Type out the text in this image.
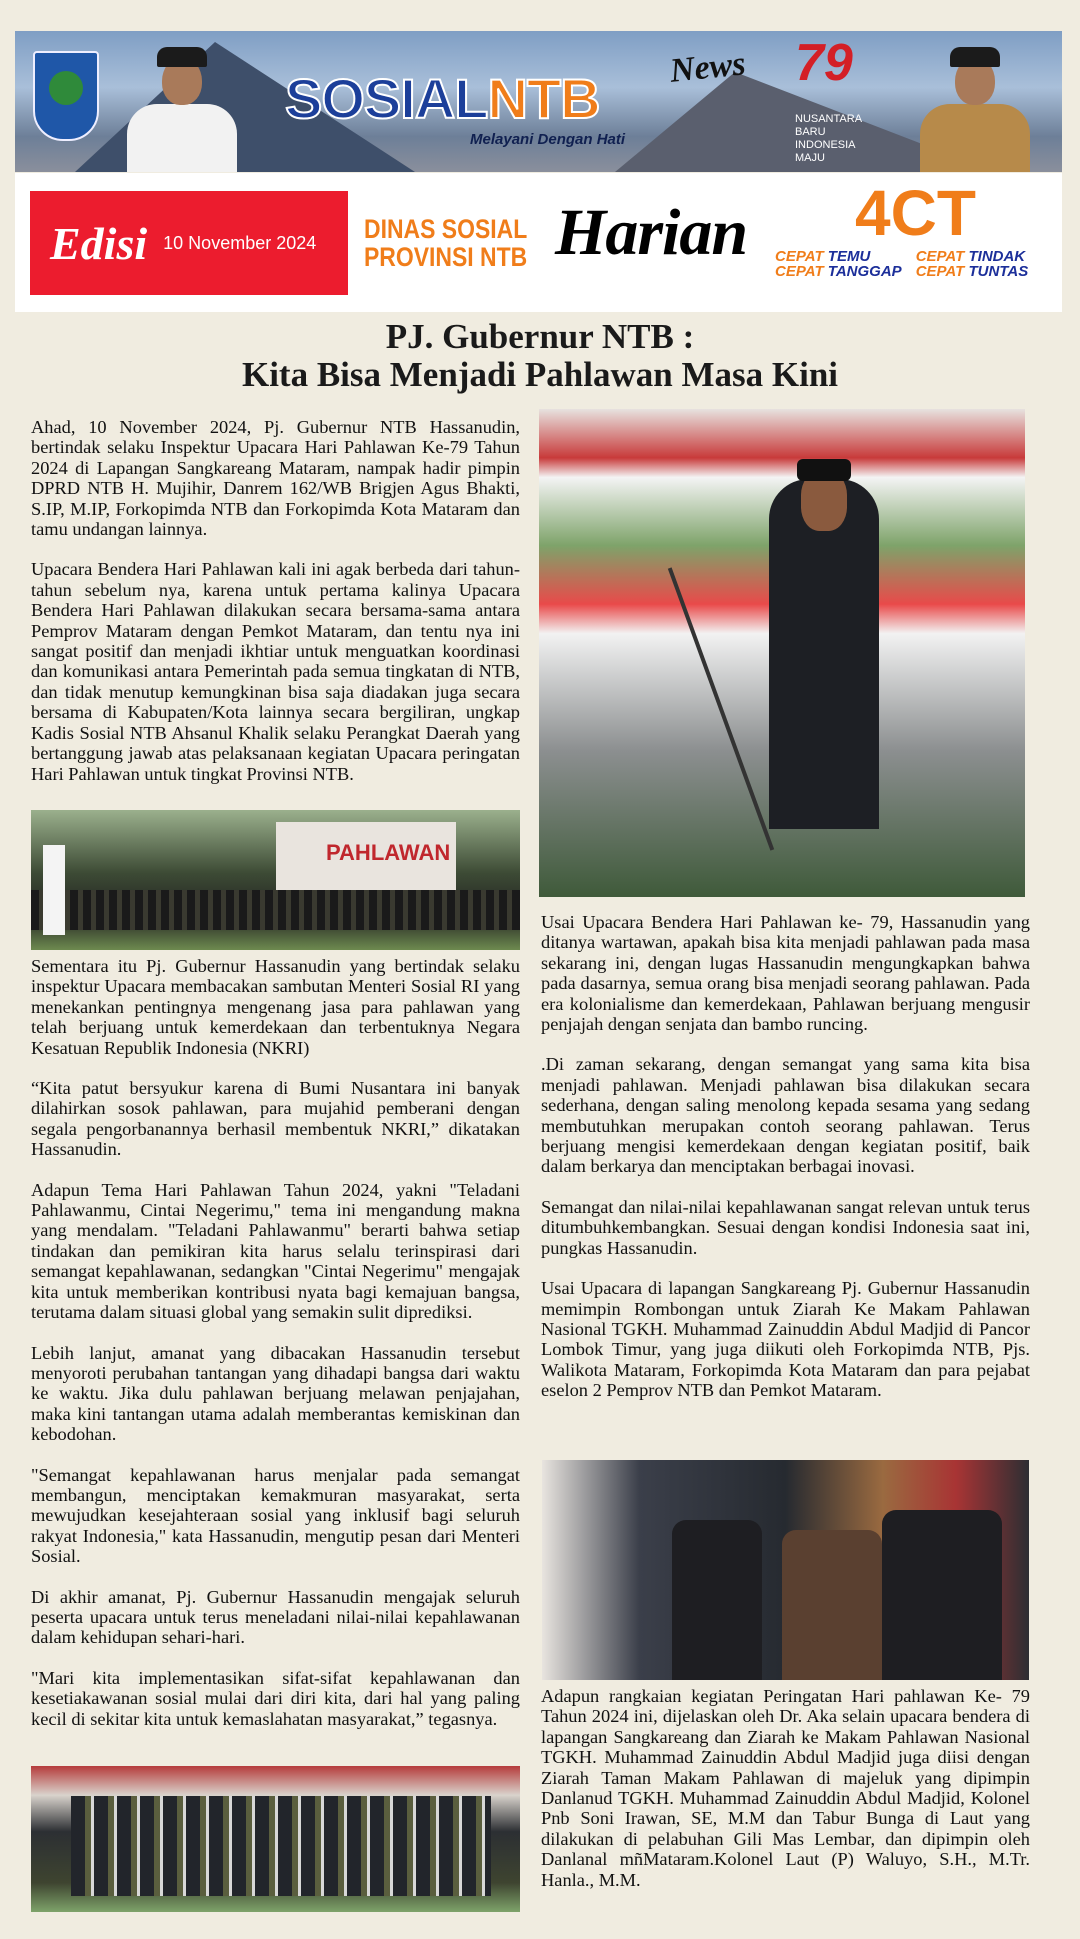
SOSIALNTB
Melayani Dengan Hati
News 79
NUSANTARA BARU INDONESIA MAJU
Edisi 10 November 2024 DINAS SOSIAL
PROVINSI NTB Harian 4CT
CEPAT TEMU
CEPAT TANGGAP
CEPAT TINDAK
CEPAT TUNTAS
PJ. Gubernur NTB :
Kita Bisa Menjadi Pahlawan Masa Kini

Ahad, 10 November 2024, Pj. Gubernur NTB Hassanudin, bertindak selaku Inspektur Upacara Hari Pahlawan Ke-79 Tahun 2024 di Lapangan Sangkareang Mataram, nampak hadir pimpin DPRD NTB H. Mujihir, Danrem 162/WB Brigjen Agus Bhakti, S.IP, M.IP, Forkopimda NTB dan Forkopimda Kota Mataram dan tamu undangan lainnya.

Upacara Bendera Hari Pahlawan kali ini agak berbeda dari tahun-tahun sebelum nya, karena untuk pertama kalinya Upacara Bendera Hari Pahlawan dilakukan secara bersama-sama antara Pemprov Mataram dengan Pemkot Mataram, dan tentu nya ini sangat positif dan menjadi ikhtiar untuk menguatkan koordinasi dan komunikasi antara Pemerintah pada semua tingkatan di NTB, dan tidak menutup kemungkinan bisa saja diadakan juga secara bersama di Kabupaten/Kota lainnya secara bergiliran, ungkap Kadis Sosial NTB Ahsanul Khalik selaku Perangkat Daerah yang bertanggung jawab atas pelaksanaan kegiatan Upacara peringatan Hari Pahlawan untuk tingkat Provinsi NTB.

PAHLAWAN

Sementara itu Pj. Gubernur Hassanudin yang bertindak selaku inspektur Upacara membacakan sambutan Menteri Sosial RI yang menekankan pentingnya mengenang jasa para pahlawan yang telah berjuang untuk kemerdekaan dan terbentuknya Negara Kesatuan Republik Indonesia (NKRI)

“Kita patut bersyukur karena di Bumi Nusantara ini banyak dilahirkan sosok pahlawan, para mujahid pemberani dengan segala pengorbanannya berhasil membentuk NKRI,” dikatakan Hassanudin.

Adapun Tema Hari Pahlawan Tahun 2024, yakni "Teladani Pahlawanmu, Cintai Negerimu," tema ini mengandung makna yang mendalam. "Teladani Pahlawanmu" berarti bahwa setiap tindakan dan pemikiran kita harus selalu terinspirasi dari semangat kepahlawanan, sedangkan "Cintai Negerimu" mengajak kita untuk memberikan kontribusi nyata bagi kemajuan bangsa, terutama dalam situasi global yang semakin sulit diprediksi.

Lebih lanjut, amanat yang dibacakan Hassanudin tersebut menyoroti perubahan tantangan yang dihadapi bangsa dari waktu ke waktu. Jika dulu pahlawan berjuang melawan penjajahan, maka kini tantangan utama adalah memberantas kemiskinan dan kebodohan.

"Semangat kepahlawanan harus menjalar pada semangat membangun, menciptakan kemakmuran masyarakat, serta mewujudkan kesejahteraan sosial yang inklusif bagi seluruh rakyat Indonesia," kata Hassanudin, mengutip pesan dari Menteri Sosial.

Di akhir amanat, Pj. Gubernur Hassanudin mengajak seluruh peserta upacara untuk terus meneladani nilai-nilai kepahlawanan dalam kehidupan sehari-hari.

"Mari kita implementasikan sifat-sifat kepahlawanan dan kesetiakawanan sosial mulai dari diri kita, dari hal yang paling kecil di sekitar kita untuk kemaslahatan masyarakat,” tegasnya.

Usai Upacara Bendera Hari Pahlawan ke- 79, Hassanudin yang ditanya wartawan, apakah bisa kita menjadi pahlawan pada masa sekarang ini, dengan lugas Hassanudin mengungkapkan bahwa pada dasarnya, semua orang bisa menjadi seorang pahlawan. Pada era kolonialisme dan kemerdekaan, Pahlawan berjuang mengusir penjajah dengan senjata dan bambo runcing.

.Di zaman sekarang, dengan semangat yang sama kita bisa menjadi pahlawan. Menjadi pahlawan bisa dilakukan secara sederhana, dengan saling menolong kepada sesama yang sedang membutuhkan merupakan contoh seorang pahlawan. Terus berjuang mengisi kemerdekaan dengan kegiatan positif, baik dalam berkarya dan menciptakan berbagai inovasi.

Semangat dan nilai-nilai kepahlawanan sangat relevan untuk terus ditumbuhkembangkan. Sesuai dengan kondisi Indonesia saat ini, pungkas Hassanudin.

Usai Upacara di lapangan Sangkareang Pj. Gubernur Hassanudin memimpin Rombongan untuk Ziarah Ke Makam Pahlawan Nasional TGKH. Muhammad Zainuddin Abdul Madjid di Pancor Lombok Timur, yang juga diikuti oleh Forkopimda NTB, Pjs. Walikota Mataram, Forkopimda Kota Mataram dan para pejabat eselon 2 Pemprov NTB dan Pemkot Mataram.

Adapun rangkaian kegiatan Peringatan Hari pahlawan Ke- 79 Tahun 2024 ini, dijelaskan oleh Dr. Aka selain upacara bendera di lapangan Sangkareang dan Ziarah ke Makam Pahlawan Nasional TGKH. Muhammad Zainuddin Abdul Madjid juga diisi dengan Ziarah Taman Makam Pahlawan di majeluk yang dipimpin Danlanud TGKH. Muhammad Zainuddin Abdul Madjid, Kolonel Pnb Soni Irawan, SE, M.M dan Tabur Bunga di Laut yang dilakukan di pelabuhan Gili Mas Lembar, dan dipimpin oleh Danlanal mñMataram.Kolonel Laut (P) Waluyo, S.H., M.Tr. Hanla., M.M.
